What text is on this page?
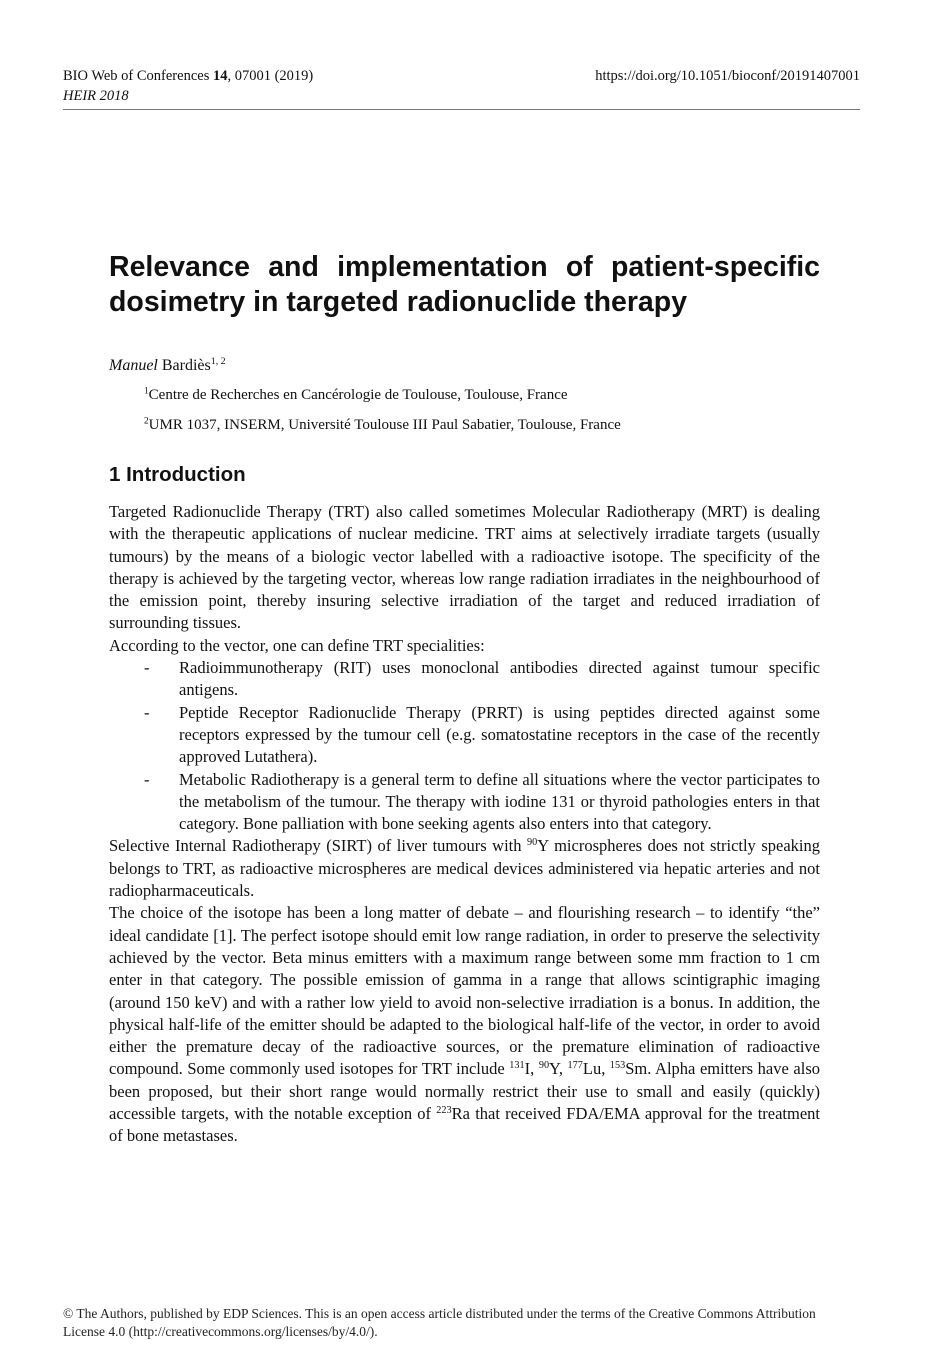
BIO Web of Conferences 14, 07001 (2019)
HEIR 2018
https://doi.org/10.1051/bioconf/20191407001
Relevance and implementation of patient-specific dosimetry in targeted radionuclide therapy
Manuel Bardiès$^{1, 2}$
$^1$Centre de Recherches en Cancérologie de Toulouse, Toulouse, France
$^2$UMR 1037, INSERM, Université Toulouse III Paul Sabatier, Toulouse, France
1 Introduction

Targeted Radionuclide Therapy (TRT) also called sometimes Molecular Radiotherapy (MRT) is dealing with the therapeutic applications of nuclear medicine. TRT aims at selectively irradiate targets (usually tumours) by the means of a biologic vector labelled with a radioactive isotope. The specificity of the therapy is achieved by the targeting vector, whereas low range radiation irradiates in the neighbourhood of the emission point, thereby insuring selective irradiation of the target and reduced irradiation of surrounding tissues.

According to the vector, one can define TRT specialities:

- Radioimmunotherapy (RIT) uses monoclonal antibodies directed against tumour specific antigens.
- Peptide Receptor Radionuclide Therapy (PRRT) is using peptides directed against some receptors expressed by the tumour cell (e.g. somatostatine receptors in the case of the recently approved Lutathera).
- Metabolic Radiotherapy is a general term to define all situations where the vector participates to the metabolism of the tumour. The therapy with iodine 131 or thyroid pathologies enters in that category. Bone palliation with bone seeking agents also enters into that category.

Selective Internal Radiotherapy (SIRT) of liver tumours with $^{90}$Y microspheres does not strictly speaking belongs to TRT, as radioactive microspheres are medical devices administered via hepatic arteries and not radiopharmaceuticals.

The choice of the isotope has been a long matter of debate – and flourishing research – to identify “the” ideal candidate [1]. The perfect isotope should emit low range radiation, in order to preserve the selectivity achieved by the vector. Beta minus emitters with a maximum range between some mm fraction to 1 cm enter in that category. The possible emission of gamma in a range that allows scintigraphic imaging (around 150 keV) and with a rather low yield to avoid non-selective irradiation is a bonus. In addition, the physical half-life of the emitter should be adapted to the biological half-life of the vector, in order to avoid either the premature decay of the radioactive sources, or the premature elimination of radioactive compound. Some commonly used isotopes for TRT include $^{131}$I, $^{90}$Y, $^{177}$Lu, $^{153}$Sm. Alpha emitters have also been proposed, but their short range would normally restrict their use to small and easily (quickly) accessible targets, with the notable exception of $^{223}$Ra that received FDA/EMA approval for the treatment of bone metastases.

© The Authors, published by EDP Sciences. This is an open access article distributed under the terms of the Creative Commons Attribution License 4.0 (http://creativecommons.org/licenses/by/4.0/).
